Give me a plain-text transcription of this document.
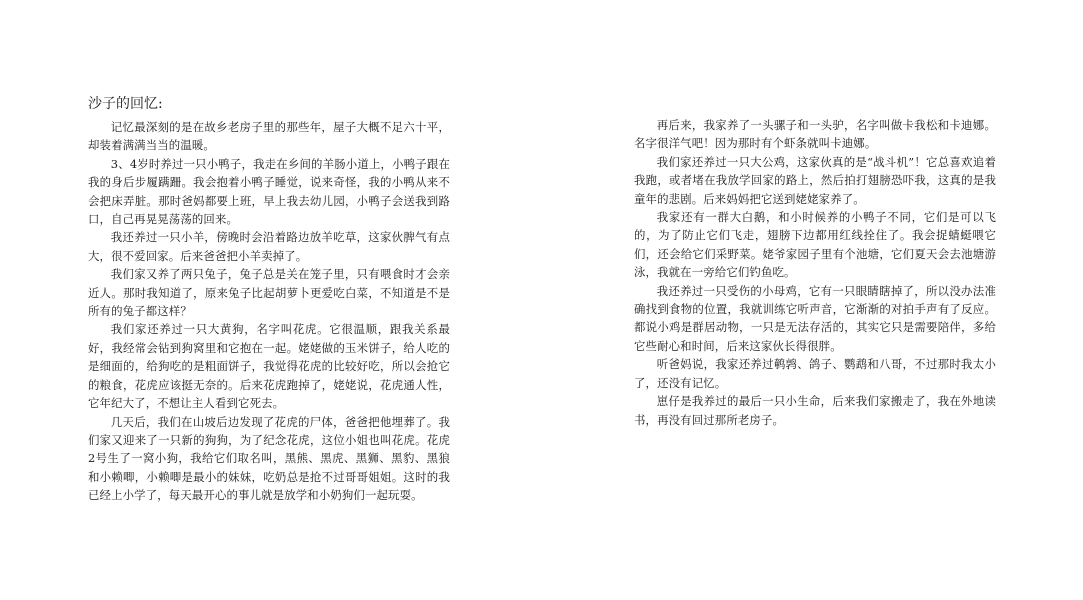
沙子的回忆:

记忆最深刻的是在故乡老房子里的那些年，屋子大概不足六十平，却装着满满当当的温暖。

3、4岁时养过一只小鸭子，我走在乡间的羊肠小道上，小鸭子跟在我的身后步履蹒跚。我会抱着小鸭子睡觉，说来奇怪，我的小鸭从来不会把床弄脏。那时爸妈都要上班，早上我去幼儿园，小鸭子会送我到路口，自己再晃晃荡荡的回来。

我还养过一只小羊，傍晚时会沿着路边放羊吃草，这家伙脾气有点大，很不爱回家。后来爸爸把小羊卖掉了。

我们家又养了两只兔子，兔子总是关在笼子里，只有喂食时才会亲近人。那时我知道了，原来兔子比起胡萝卜更爱吃白菜，不知道是不是所有的兔子都这样？

我们家还养过一只大黄狗，名字叫花虎。它很温顺，跟我关系最好，我经常会钻到狗窝里和它抱在一起。姥姥做的玉米饼子，给人吃的是细面的，给狗吃的是粗面饼子，我觉得花虎的比较好吃，所以会抢它的粮食，花虎应该挺无奈的。后来花虎跑掉了，姥姥说，花虎通人性，它年纪大了，不想让主人看到它死去。

几天后，我们在山坡后边发现了花虎的尸体，爸爸把他埋葬了。我们家又迎来了一只新的狗狗，为了纪念花虎，这位小姐也叫花虎。花虎2号生了一窝小狗，我给它们取名叫，黑熊、黑虎、黑狮、黑豹、黑狼和小赖唧，小赖唧是最小的妹妹，吃奶总是抢不过哥哥姐姐。这时的我已经上小学了，每天最开心的事儿就是放学和小奶狗们一起玩耍。

再后来，我家养了一头骡子和一头驴，名字叫做卡我松和卡迪娜。名字很洋气吧！因为那时有个虾条就叫卡迪娜。

我们家还养过一只大公鸡，这家伙真的是“战斗机”！它总喜欢追着我跑，或者堵在我放学回家的路上，然后拍打翅膀恐吓我，这真的是我童年的悲剧。后来妈妈把它送到姥姥家养了。

我家还有一群大白鹅，和小时候养的小鸭子不同，它们是可以飞的，为了防止它们飞走，翅膀下边都用红线拴住了。我会捉蜻蜓喂它们，还会给它们采野菜。姥爷家园子里有个池塘，它们夏天会去池塘游泳，我就在一旁给它们钓鱼吃。

我还养过一只受伤的小母鸡，它有一只眼睛瞎掉了，所以没办法准确找到食物的位置，我就训练它听声音，它渐渐的对拍手声有了反应。都说小鸡是群居动物，一只是无法存活的，其实它只是需要陪伴，多给它些耐心和时间，后来这家伙长得很胖。

听爸妈说，我家还养过鹌鹑、鸽子、鹦鹉和八哥，不过那时我太小了，还没有记忆。

崽仔是我养过的最后一只小生命，后来我们家搬走了，我在外地读书，再没有回过那所老房子。
